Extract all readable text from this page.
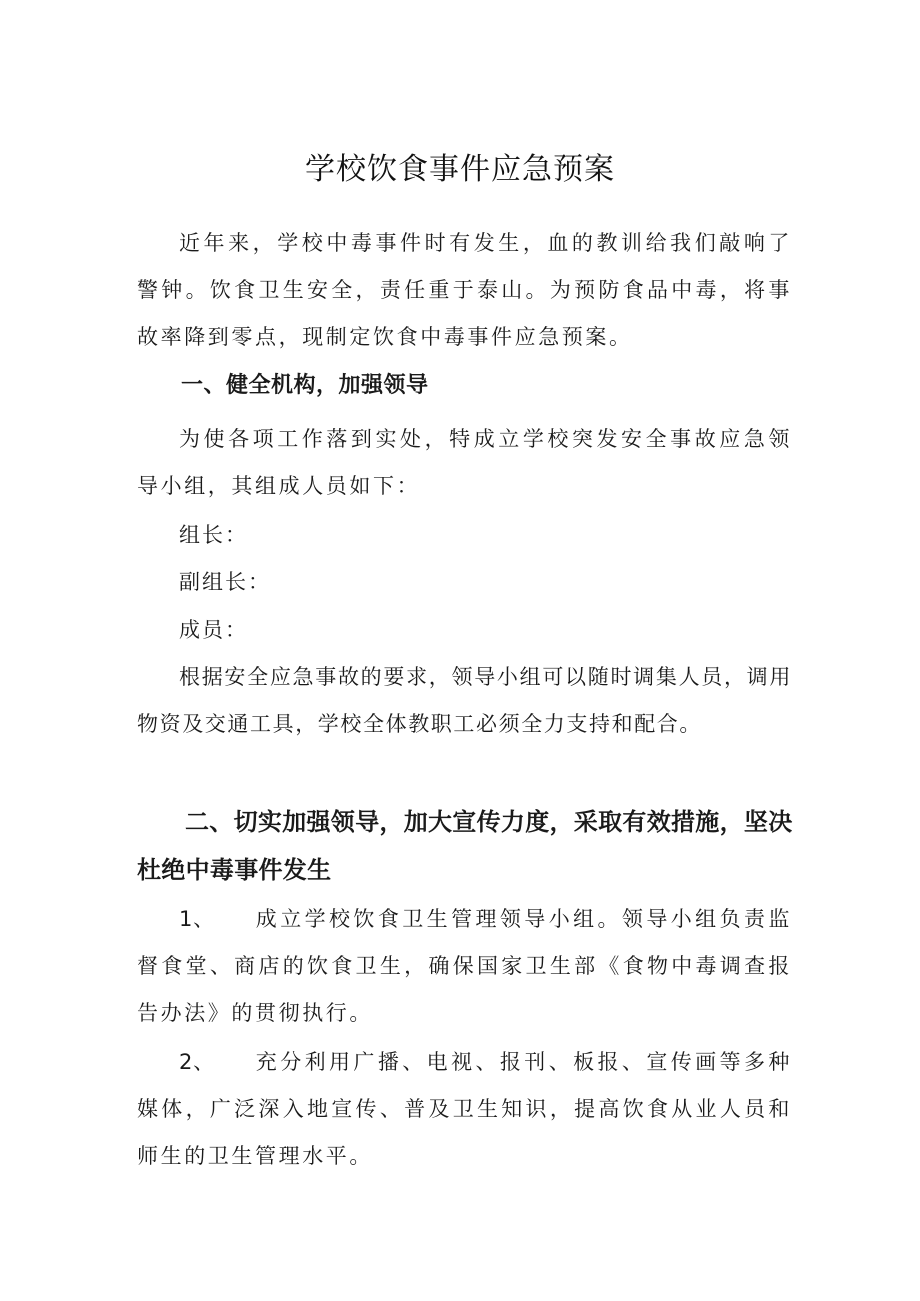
学校饮食事件应急预案

近年来，学校中毒事件时有发生，血的教训给我们敲响了警钟。饮食卫生安全，责任重于泰山。为预防食品中毒，将事故率降到零点，现制定饮食中毒事件应急预案。

一、健全机构，加强领导

为使各项工作落到实处，特成立学校突发安全事故应急领导小组，其组成人员如下：

组长：

副组长：

成员：

根据安全应急事故的要求，领导小组可以随时调集人员，调用物资及交通工具，学校全体教职工必须全力支持和配合。

二、切实加强领导，加大宣传力度，采取有效措施，坚决杜绝中毒事件发生

1、 成立学校饮食卫生管理领导小组。领导小组负责监督食堂、商店的饮食卫生，确保国家卫生部《食物中毒调查报告办法》的贯彻执行。

2、 充分利用广播、电视、报刊、板报、宣传画等多种媒体，广泛深入地宣传、普及卫生知识，提高饮食从业人员和师生的卫生管理水平。
